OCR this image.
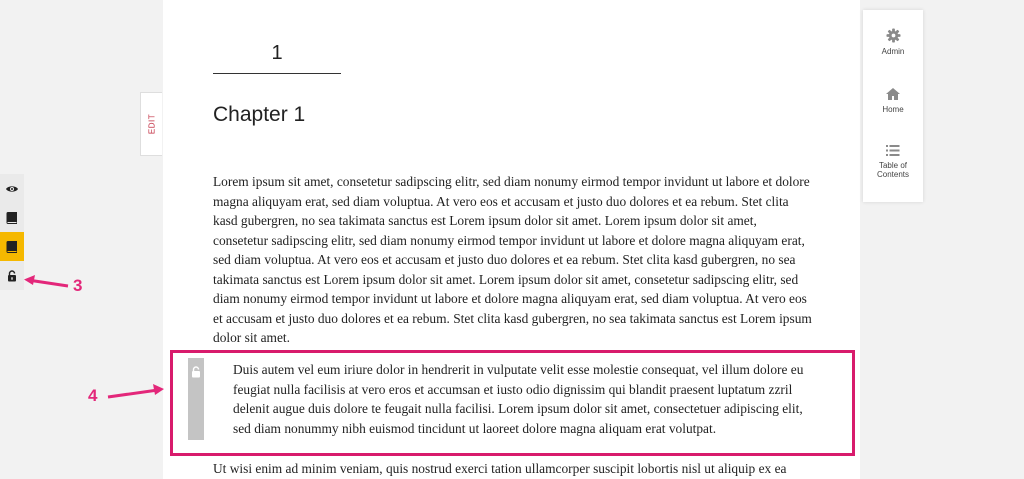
1
Chapter 1

Lorem ipsum sit amet, consetetur sadipscing elitr, sed diam nonumy eirmod tempor invidunt ut labore et dolore magna aliquyam erat, sed diam voluptua. At vero eos et accusam et justo duo dolores et ea rebum. Stet clita kasd gubergren, no sea takimata sanctus est Lorem ipsum dolor sit amet. Lorem ipsum dolor sit amet, consetetur sadipscing elitr, sed diam nonumy eirmod tempor invidunt ut labore et dolore magna aliquyam erat, sed diam voluptua. At vero eos et accusam et justo duo dolores et ea rebum. Stet clita kasd gubergren, no sea takimata sanctus est Lorem ipsum dolor sit amet. Lorem ipsum dolor sit amet, consetetur sadipscing elitr, sed diam nonumy eirmod tempor invidunt ut labore et dolore magna aliquyam erat, sed diam voluptua. At vero eos et accusam et justo duo dolores et ea rebum. Stet clita kasd gubergren, no sea takimata sanctus est Lorem ipsum dolor sit amet.

Duis autem vel eum iriure dolor in hendrerit in vulputate velit esse molestie consequat, vel illum dolore eu feugiat nulla facilisis at vero eros et accumsan et iusto odio dignissim qui blandit praesent luptatum zzril delenit augue duis dolore te feugait nulla facilisi. Lorem ipsum dolor sit amet, consectetuer adipiscing elit, sed diam nonummy nibh euismod tincidunt ut laoreet dolore magna aliquam erat volutpat.

Ut wisi enim ad minim veniam, quis nostrud exerci tation ullamcorper suscipit lobortis nisl ut aliquip ex ea

EDIT
Admin
Home
Table of
Contents
3
4
